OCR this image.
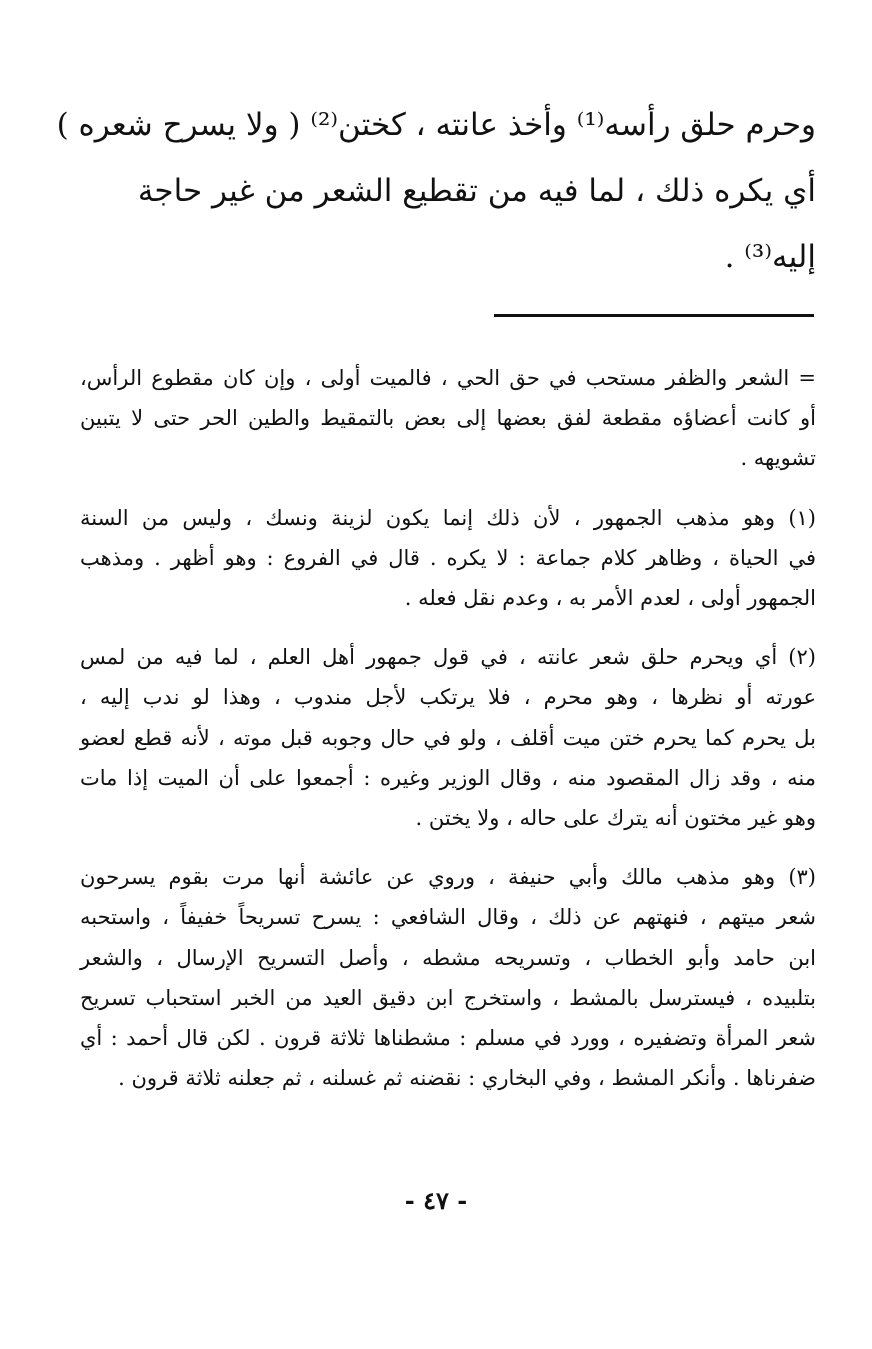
وحرم حلق رأسه⁽¹⁾ وأخذ عانته ، كختن⁽²⁾ ( ولا يسرح شعره )
أي يكره ذلك ، لما فيه من تقطيع الشعر من غير حاجة
إليه⁽³⁾ .
= الشعر والظفر مستحب في حق الحي ، فالميت أولى ، وإن كان مقطوع الرأس،
أو كانت أعضاؤه مقطعة لفق بعضها إلى بعض بالتمقيط والطين الحر حتى لا يتبين
تشويهه .
(١) وهو مذهب الجمهور ، لأن ذلك إنما يكون لزينة ونسك ، وليس من السنة
في الحياة ، وظاهر كلام جماعة : لا يكره . قال في الفروع : وهو أظهر . ومذهب
الجمهور أولى ، لعدم الأمر به ، وعدم نقل فعله .
(٢) أي ويحرم حلق شعر عانته ، في قول جمهور أهل العلم ، لما فيه من لمس
عورته أو نظرها ، وهو محرم ، فلا يرتكب لأجل مندوب ، وهذا لو ندب إليه ،
بل يحرم كما يحرم ختن ميت أقلف ، ولو في حال وجوبه قبل موته ، لأنه قطع لعضو
منه ، وقد زال المقصود منه ، وقال الوزير وغيره : أجمعوا على أن الميت إذا مات
وهو غير مختون أنه يترك على حاله ، ولا يختن .
(٣) وهو مذهب مالك وأبي حنيفة ، وروي عن عائشة أنها مرت بقوم يسرحون
شعر ميتهم ، فنهتهم عن ذلك ، وقال الشافعي : يسرح تسريحاً خفيفاً ، واستحبه
ابن حامد وأبو الخطاب ، وتسريحه مشطه ، وأصل التسريح الإرسال ، والشعر
بتلبيده ، فيسترسل بالمشط ، واستخرج ابن دقيق العيد من الخبر استحباب تسريح
شعر المرأة وتضفيره ، وورد في مسلم : مشطناها ثلاثة قرون . لكن قال أحمد : أي
ضفرناها . وأنكر المشط ، وفي البخاري : نقضنه ثم غسلنه ، ثم جعلنه ثلاثة قرون .
- ٤٧ -
